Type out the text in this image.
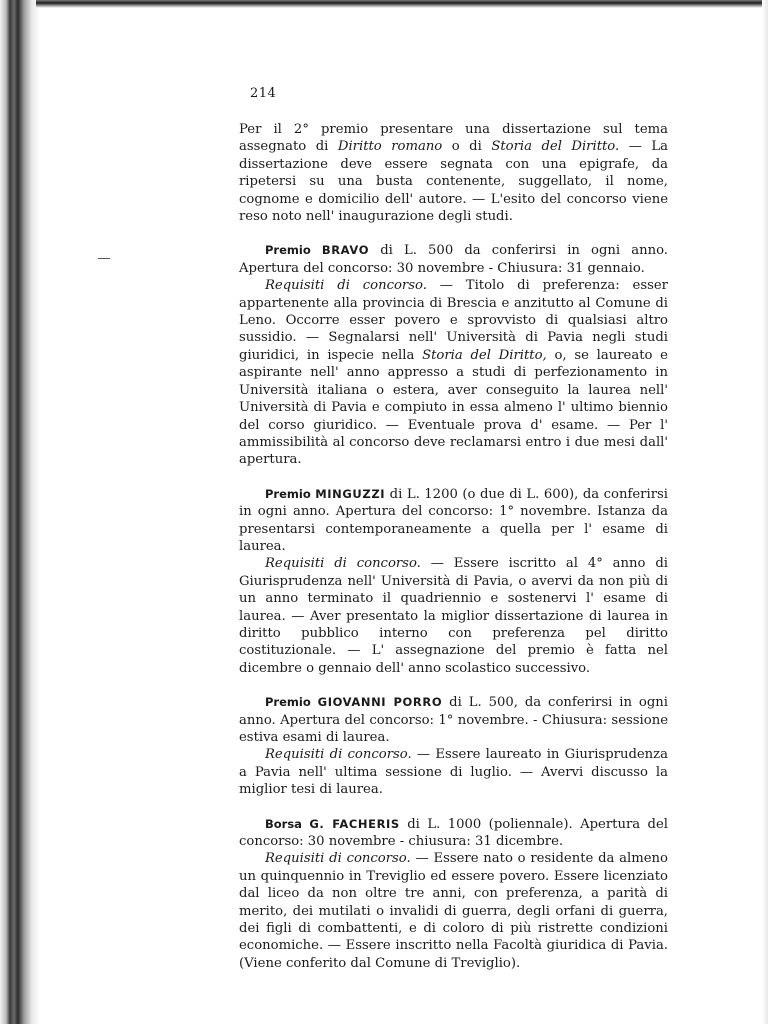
214

Per il 2° premio presentare una dissertazione sul tema assegnato di Diritto romano o di Storia del Diritto. — La dissertazione deve essere segnata con una epigrafe, da ripetersi su una busta contenente, suggellato, il nome, cognome e domicilio dell' autore. — L'esito del concorso viene reso noto nell' inaugurazione degli studi.

Premio BRAVO di L. 500 da conferirsi in ogni anno. Apertura del concorso: 30 novembre - Chiusura: 31 gennaio.

Requisiti di concorso. — Titolo di preferenza: esser appartenente alla provincia di Brescia e anzitutto al Comune di Leno. Occorre esser povero e sprovvisto di qualsiasi altro sussidio. — Segnalarsi nell' Università di Pavia negli studi giuridici, in ispecie nella Storia del Diritto, o, se laureato e aspirante nell' anno appresso a studi di perfezionamento in Università italiana o estera, aver conseguito la laurea nell' Università di Pavia e compiuto in essa almeno l' ultimo biennio del corso giuridico. — Eventuale prova d' esame. — Per l' ammissibilità al concorso deve reclamarsi entro i due mesi dall' apertura.

Premio MINGUZZI di L. 1200 (o due di L. 600), da conferirsi in ogni anno. Apertura del concorso: 1° novembre. Istanza da presentarsi contemporaneamente a quella per l' esame di laurea.

Requisiti di concorso. — Essere iscritto al 4° anno di Giurisprudenza nell' Università di Pavia, o avervi da non più di un anno terminato il quadriennio e sostenervi l' esame di laurea. — Aver presentato la miglior dissertazione di laurea in diritto pubblico interno con preferenza pel diritto costituzionale. — L' assegnazione del premio è fatta nel dicembre o gennaio dell' anno scolastico successivo.

Premio GIOVANNI PORRO di L. 500, da conferirsi in ogni anno. Apertura del concorso: 1° novembre. - Chiusura: sessione estiva esami di laurea.

Requisiti di concorso. — Essere laureato in Giurisprudenza a Pavia nell' ultima sessione di luglio. — Avervi discusso la miglior tesi di laurea.

Borsa G. FACHERIS di L. 1000 (poliennale). Apertura del concorso: 30 novembre - chiusura: 31 dicembre.

Requisiti di concorso. — Essere nato o residente da almeno un quinquennio in Treviglio ed essere povero. Essere licenziato dal liceo da non oltre tre anni, con preferenza, a parità di merito, dei mutilati o invalidi di guerra, degli orfani di guerra, dei figli di combattenti, e di coloro di più ristrette condizioni economiche. — Essere inscritto nella Facoltà giuridica di Pavia. (Viene conferito dal Comune di Treviglio).
